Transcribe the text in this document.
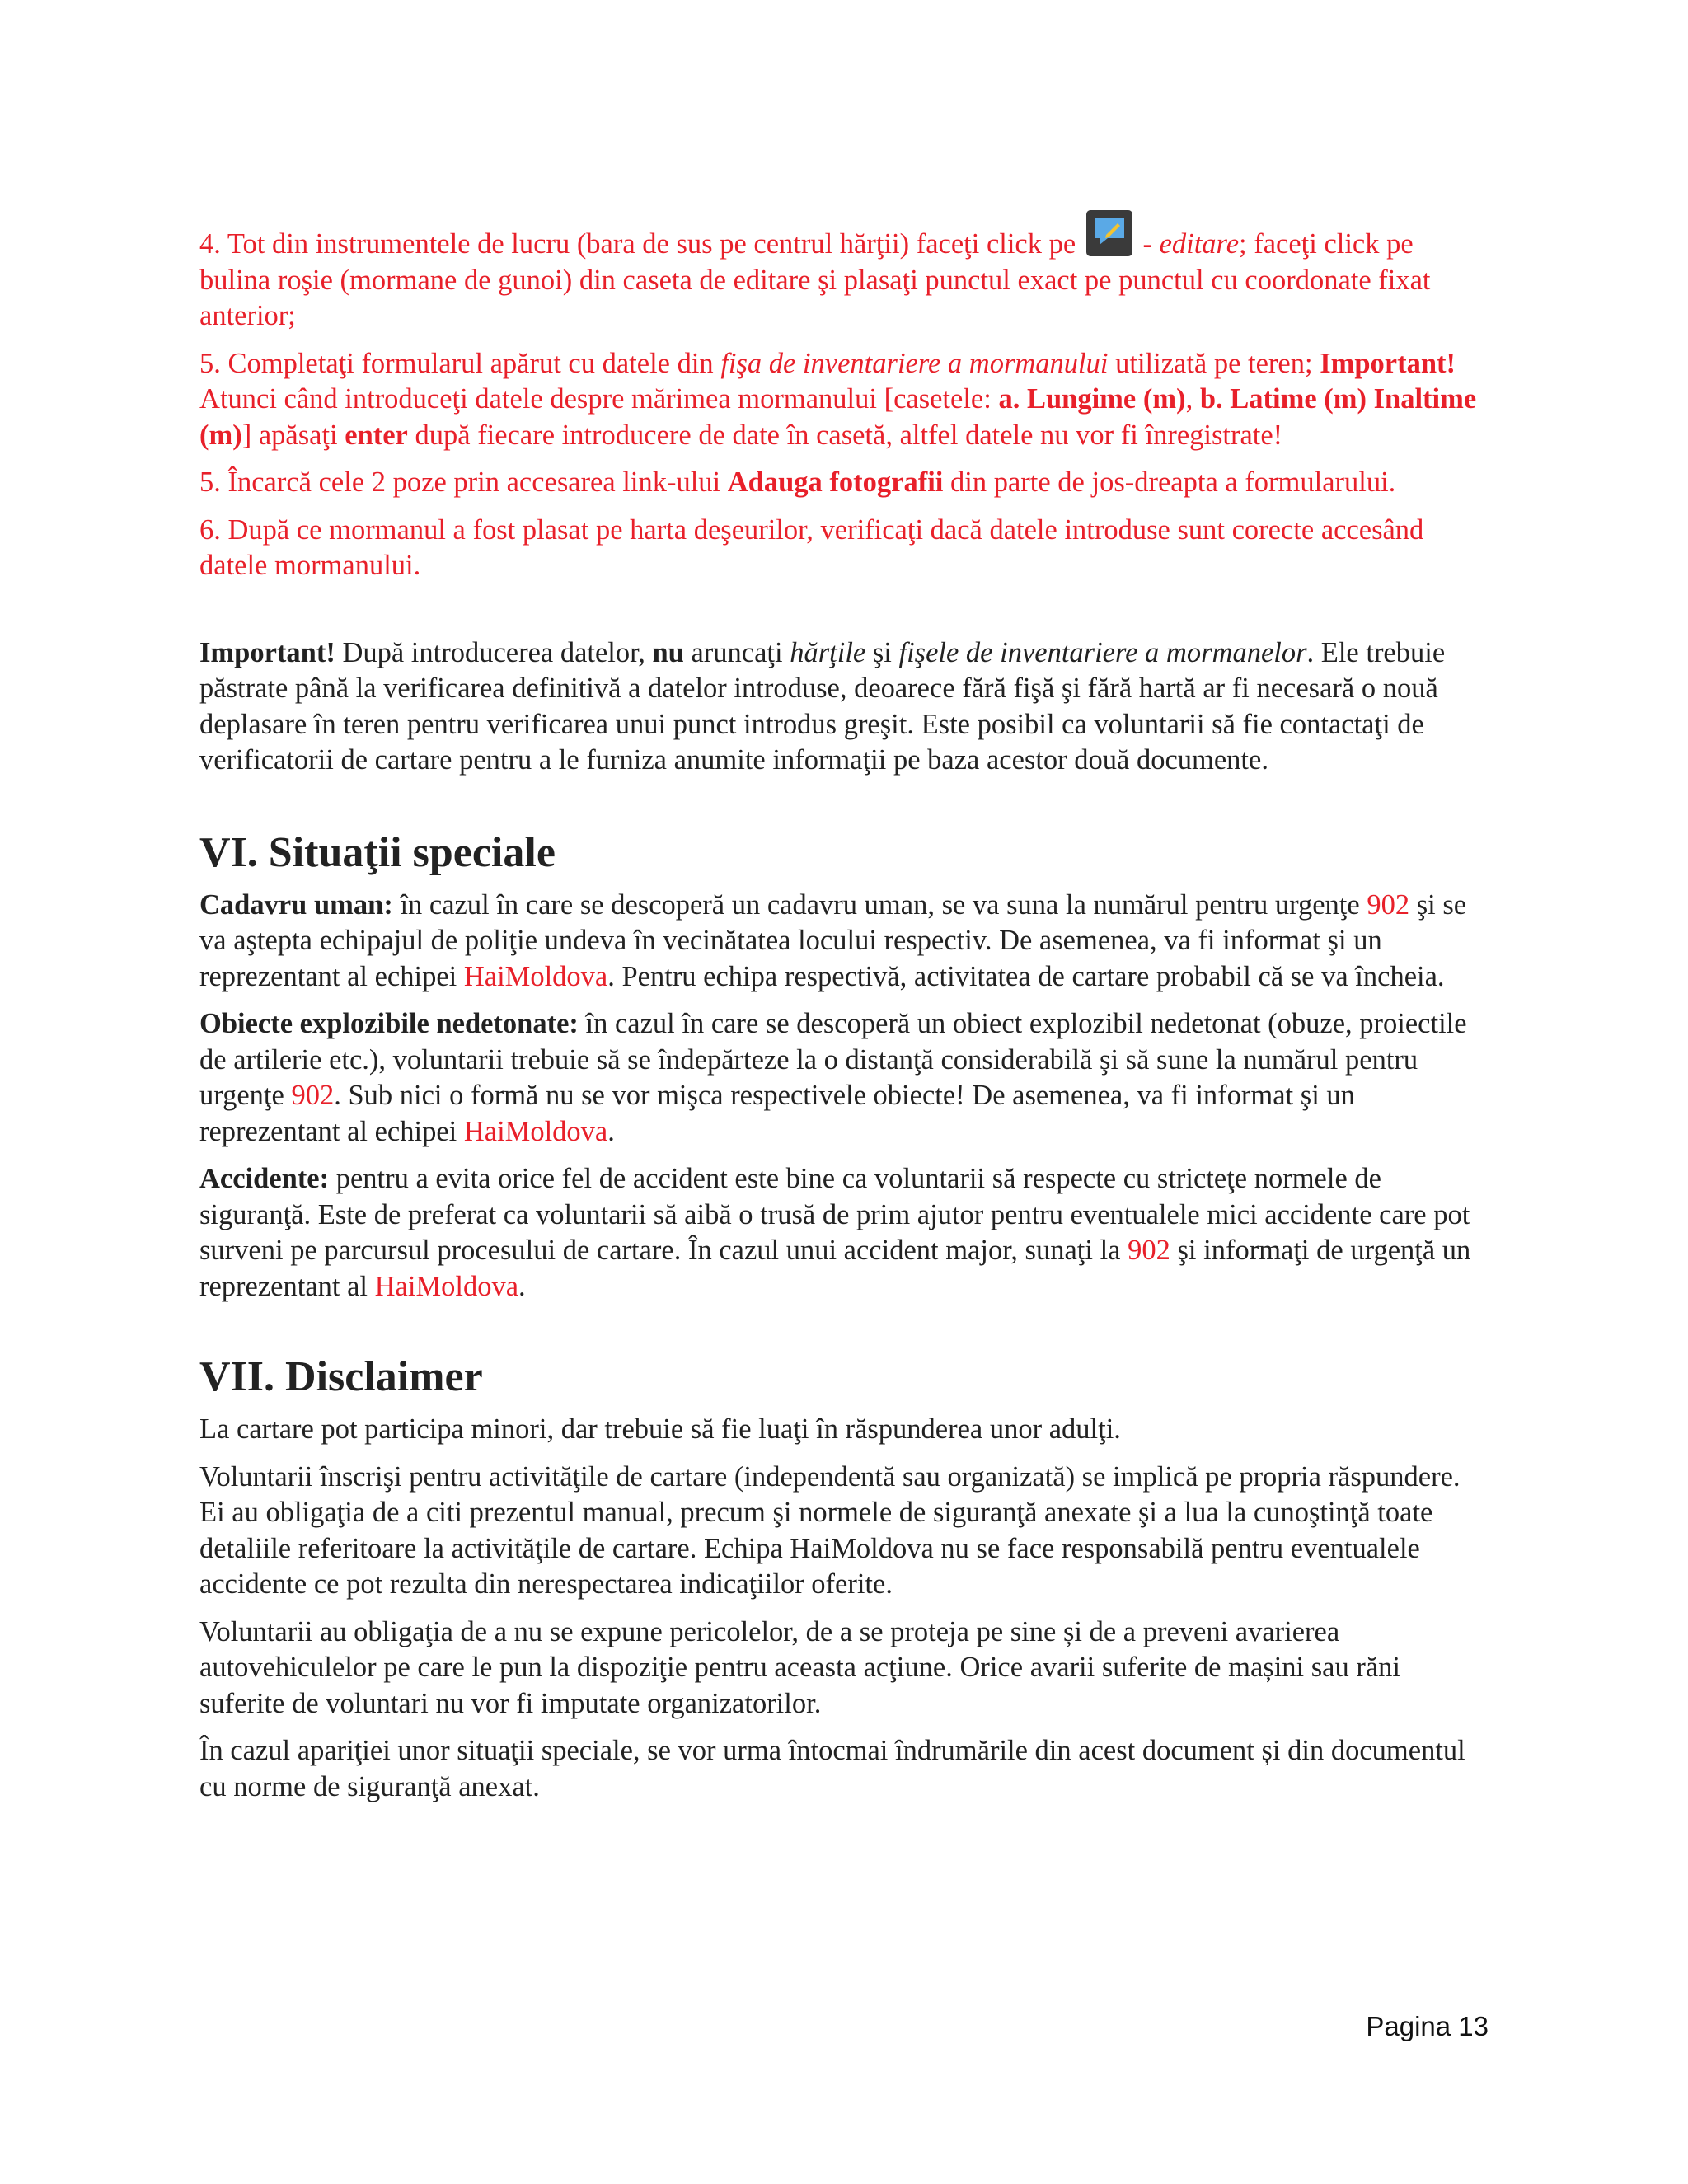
4. Tot din instrumentele de lucru (bara de sus pe centrul hărţii) faceţi click pe
- editare; faceţi click pe bulina roşie (mormane de gunoi) din caseta de editare şi plasaţi punctul exact pe punctul cu coordonate fixat anterior;

5. Completaţi formularul apărut cu datele din fişa de inventariere a mormanului utilizată pe teren; Important! Atunci când introduceţi datele despre mărimea mormanului [casetele: a. Lungime (m), b. Latime (m) Inaltime (m)] apăsaţi enter după fiecare introducere de date în casetă, altfel datele nu vor fi înregistrate!

5. Încarcă cele 2 poze prin accesarea link-ului Adauga fotografii din parte de jos-dreapta a formularului.

6. După ce mormanul a fost plasat pe harta deşeurilor, verificaţi dacă datele introduse sunt corecte accesând datele mormanului.

Important! După introducerea datelor, nu aruncaţi hărţile şi fişele de inventariere a mormanelor. Ele trebuie păstrate până la verificarea definitivă a datelor introduse, deoarece fără fişă şi fără hartă ar fi necesară o nouă deplasare în teren pentru verificarea unui punct introdus greşit. Este posibil ca voluntarii să fie contactaţi de verificatorii de cartare pentru a le furniza anumite informaţii pe baza acestor două documente.

VI. Situaţii speciale

Cadavru uman: în cazul în care se descoperă un cadavru uman, se va suna la numărul pentru urgenţe 902 şi se va aştepta echipajul de poliţie undeva în vecinătatea locului respectiv. De asemenea, va fi informat şi un reprezentant al echipei HaiMoldova. Pentru echipa respectivă, activitatea de cartare probabil că se va încheia.

Obiecte explozibile nedetonate: în cazul în care se descoperă un obiect explozibil nedetonat (obuze, proiectile de artilerie etc.), voluntarii trebuie să se îndepărteze la o distanţă considerabilă şi să sune la numărul pentru urgenţe 902. Sub nici o formă nu se vor mişca respectivele obiecte! De asemenea, va fi informat şi un reprezentant al echipei HaiMoldova.

Accidente: pentru a evita orice fel de accident este bine ca voluntarii să respecte cu stricteţe normele de siguranţă. Este de preferat ca voluntarii să aibă o trusă de prim ajutor pentru eventualele mici accidente care pot surveni pe parcursul procesului de cartare. În cazul unui accident major, sunaţi la 902 şi informaţi de urgenţă un reprezentant al HaiMoldova.

VII. Disclaimer

La cartare pot participa minori, dar trebuie să fie luaţi în răspunderea unor adulţi.

Voluntarii înscrişi pentru activităţile de cartare (independentă sau organizată) se implică pe propria răspundere. Ei au obligaţia de a citi prezentul manual, precum şi normele de siguranţă anexate şi a lua la cunoştinţă toate detaliile referitoare la activităţile de cartare. Echipa HaiMoldova nu se face responsabilă pentru eventualele accidente ce pot rezulta din nerespectarea indicaţiilor oferite.

Voluntarii au obligaţia de a nu se expune pericolelor, de a se proteja pe sine și de a preveni avarierea autovehiculelor pe care le pun la dispoziţie pentru aceasta acţiune. Orice avarii suferite de mașini sau răni suferite de voluntari nu vor fi imputate organizatorilor.

În cazul apariţiei unor situaţii speciale, se vor urma întocmai îndrumările din acest document și din documentul cu norme de siguranţă anexat.

Pagina 13
